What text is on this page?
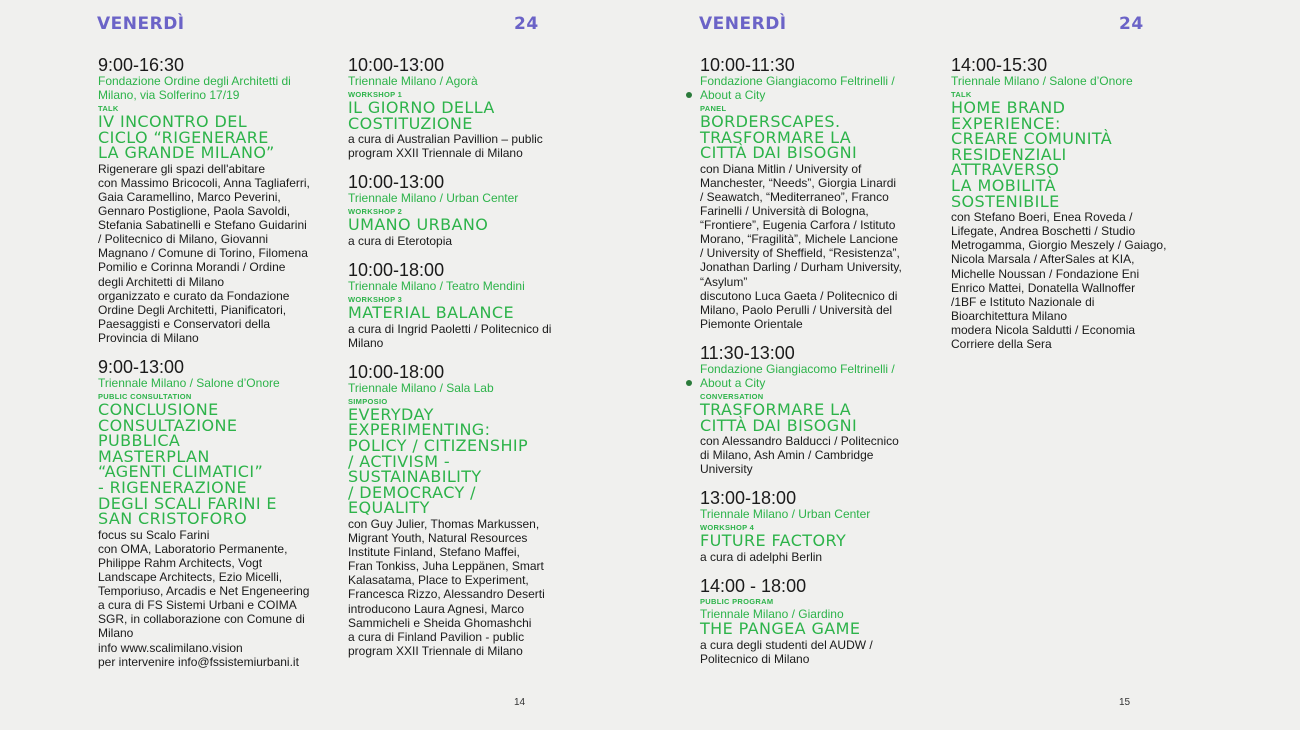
VENERDÌ	24	VENERDÌ	24
9:00-16:30
Fondazione Ordine degli Architetti di
Milano, via Solferino 17/19
TALK
IV INCONTRO DEL
CICLO “RIGENERARE
LA GRANDE MILANO”
Rigenerare gli spazi dell'abitare
con Massimo Bricocoli, Anna Tagliaferri,
Gaia Caramellino, Marco Peverini,
Gennaro Postiglione, Paola Savoldi,
Stefania Sabatinelli e Stefano Guidarini
/ Politecnico di Milano, Giovanni
Magnano / Comune di Torino, Filomena
Pomilio e Corinna Morandi / Ordine
degli Architetti di Milano
organizzato e curato da Fondazione
Ordine Degli Architetti, Pianificatori,
Paesaggisti e Conservatori della
Provincia di Milano
9:00-13:00
Triennale Milano / Salone d’Onore
PUBLIC CONSULTATION
CONCLUSIONE
CONSULTAZIONE
PUBBLICA
MASTERPLAN
“AGENTI CLIMATICI”
- RIGENERAZIONE
DEGLI SCALI FARINI E
SAN CRISTOFORO
focus su Scalo Farini
con OMA, Laboratorio Permanente,
Philippe Rahm Architects, Vogt
Landscape Architects, Ezio Micelli,
Temporiuso, Arcadis e Net Engeneering
a cura di FS Sistemi Urbani e COIMA
SGR, in collaborazione con Comune di
Milano
info www.scalimilano.vision
per intervenire info@fssistemiurbani.it
10:00-13:00
Triennale Milano / Agorà
WORKSHOP 1
IL GIORNO DELLA
COSTITUZIONE
a cura di Australian Pavillion – public
program XXII Triennale di Milano
10:00-13:00
Triennale Milano / Urban Center
WORKSHOP 2
UMANO URBANO
a cura di Eterotopia
10:00-18:00
Triennale Milano / Teatro Mendini
WORKSHOP 3
MATERIAL BALANCE
a cura di Ingrid Paoletti / Politecnico di
Milano
10:00-18:00
Triennale Milano / Sala Lab
SIMPOSIO
EVERYDAY
EXPERIMENTING:
POLICY / CITIZENSHIP
/ ACTIVISM -
SUSTAINABILITY
/ DEMOCRACY /
EQUALITY
con Guy Julier, Thomas Markussen,
Migrant Youth, Natural Resources
Institute Finland, Stefano Maffei,
Fran Tonkiss, Juha Leppänen, Smart
Kalasatama, Place to Experiment,
Francesca Rizzo, Alessandro Deserti
introducono Laura Agnesi, Marco
Sammicheli e Sheida Ghomashchi
a cura di Finland Pavilion - public
program XXII Triennale di Milano
10:00-11:30
Fondazione Giangiacomo Feltrinelli /
About a City
PANEL
BORDERSCAPES.
TRASFORMARE LA
CITTÀ DAI BISOGNI
con Diana Mitlin / University of
Manchester, “Needs”, Giorgia Linardi
/ Seawatch, “Mediterraneo”, Franco
Farinelli / Università di Bologna,
“Frontiere”, Eugenia Carfora / Istituto
Morano, “Fragilità”, Michele Lancione
/ University of Sheffield, “Resistenza”,
Jonathan Darling / Durham University,
“Asylum”
discutono Luca Gaeta / Politecnico di
Milano, Paolo Perulli / Università del
Piemonte Orientale
11:30-13:00
Fondazione Giangiacomo Feltrinelli /
About a City
CONVERSATION
TRASFORMARE LA
CITTÀ DAI BISOGNI
con Alessandro Balducci / Politecnico
di Milano, Ash Amin / Cambridge
University
13:00-18:00
Triennale Milano / Urban Center
WORKSHOP 4
FUTURE FACTORY
a cura di adelphi Berlin
14:00 - 18:00
PUBLIC PROGRAM
Triennale Milano / Giardino
THE PANGEA GAME
a cura degli studenti del AUDW /
Politecnico di Milano
14:00-15:30
Triennale Milano / Salone d’Onore
TALK
HOME BRAND
EXPERIENCE:
CREARE COMUNITÀ
RESIDENZIALI
ATTRAVERSO
LA MOBILITÀ
SOSTENIBILE
con Stefano Boeri, Enea Roveda /
Lifegate, Andrea Boschetti / Studio
Metrogamma, Giorgio Meszely / Gaiago,
Nicola Marsala / AfterSales at KIA,
Michelle Noussan / Fondazione Eni
Enrico Mattei, Donatella Wallnoffer
/1BF e Istituto Nazionale di
Bioarchitettura Milano
modera Nicola Saldutti / Economia
Corriere della Sera
14	15
